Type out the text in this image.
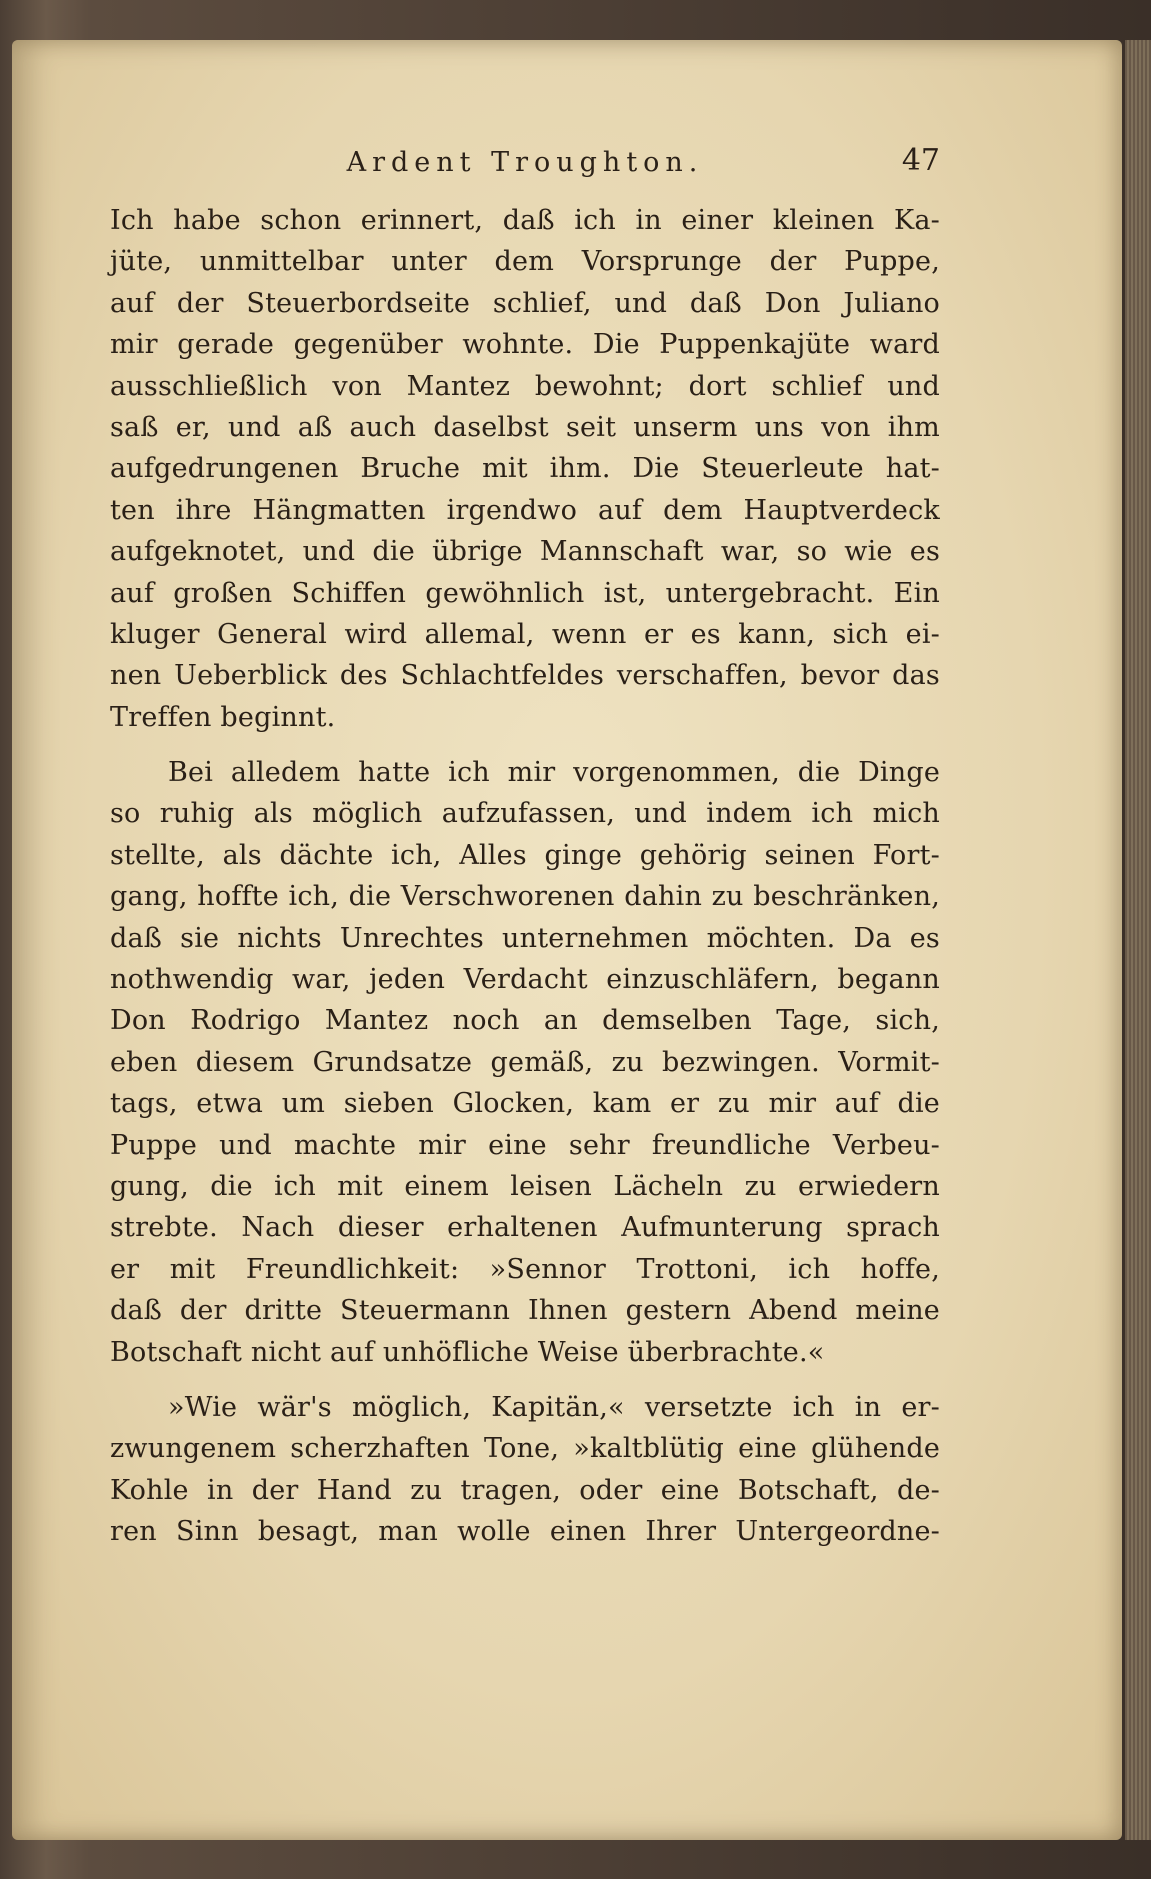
Ardent Troughton.	47
Ich habe schon erinnert, daß ich in einer kleinen Ka-
jüte, unmittelbar unter dem Vorsprunge der Puppe,
auf der Steuerbordseite schlief, und daß Don Juliano
mir gerade gegenüber wohnte. Die Puppenkajüte ward
ausschließlich von Mantez bewohnt; dort schlief und
saß er, und aß auch daselbst seit unserm uns von ihm
aufgedrungenen Bruche mit ihm. Die Steuerleute hat-
ten ihre Hängmatten irgendwo auf dem Hauptverdeck
aufgeknotet, und die übrige Mannschaft war, so wie es
auf großen Schiffen gewöhnlich ist, untergebracht. Ein
kluger General wird allemal, wenn er es kann, sich ei-
nen Ueberblick des Schlachtfeldes verschaffen, bevor das
Treffen beginnt.
Bei alledem hatte ich mir vorgenommen, die Dinge
so ruhig als möglich aufzufassen, und indem ich mich
stellte, als dächte ich, Alles ginge gehörig seinen Fort-
gang, hoffte ich, die Verschworenen dahin zu beschränken,
daß sie nichts Unrechtes unternehmen möchten. Da es
nothwendig war, jeden Verdacht einzuschläfern, begann
Don Rodrigo Mantez noch an demselben Tage, sich,
eben diesem Grundsatze gemäß, zu bezwingen. Vormit-
tags, etwa um sieben Glocken, kam er zu mir auf die
Puppe und machte mir eine sehr freundliche Verbeu-
gung, die ich mit einem leisen Lächeln zu erwiedern
strebte. Nach dieser erhaltenen Aufmunterung sprach
er mit Freundlichkeit: »Sennor Trottoni, ich hoffe,
daß der dritte Steuermann Ihnen gestern Abend meine
Botschaft nicht auf unhöfliche Weise überbrachte.«
»Wie wär's möglich, Kapitän,« versetzte ich in er-
zwungenem scherzhaften Tone, »kaltblütig eine glühende
Kohle in der Hand zu tragen, oder eine Botschaft, de-
ren Sinn besagt, man wolle einen Ihrer Untergeordne-
